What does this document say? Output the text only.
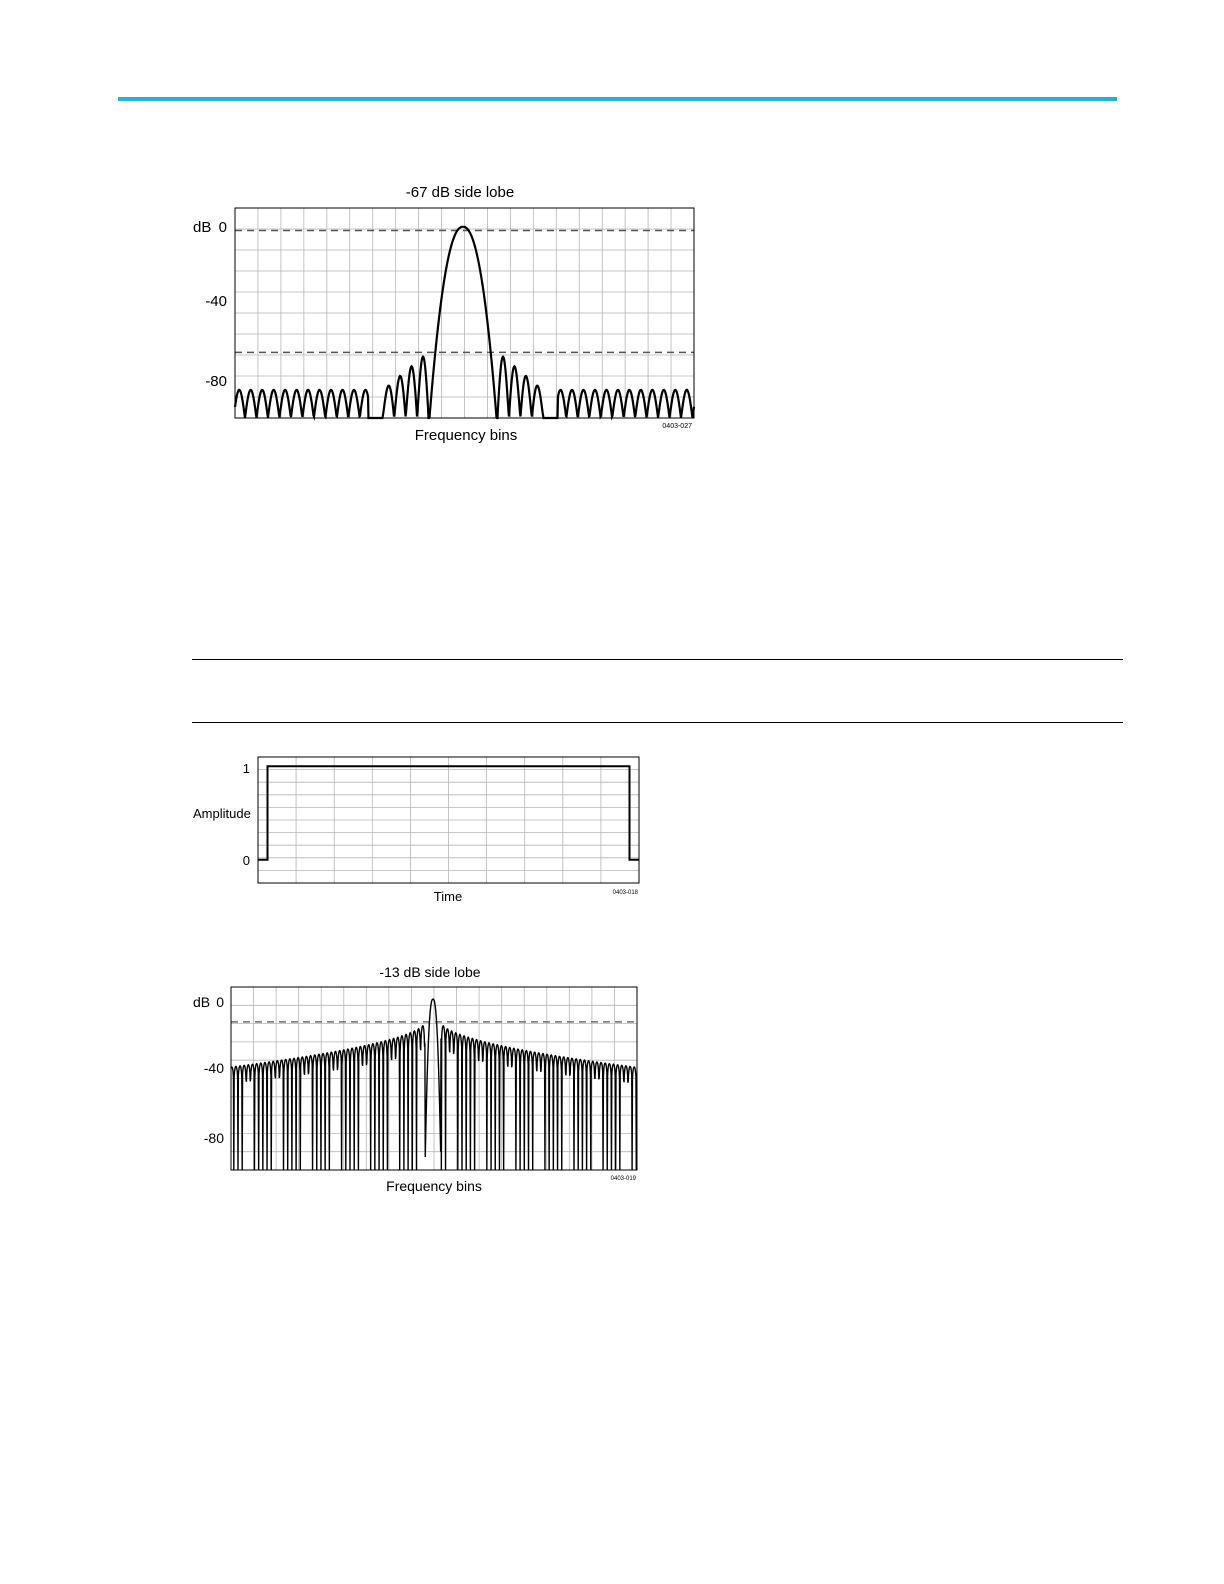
-67 dB side lobe
dB 0
-40
-80
Frequency bins
0403-027
1
Amplitude
0
Time	0403-018
-13 dB side lobe
dB 0
-40
-80
Frequency bins	0403-019
